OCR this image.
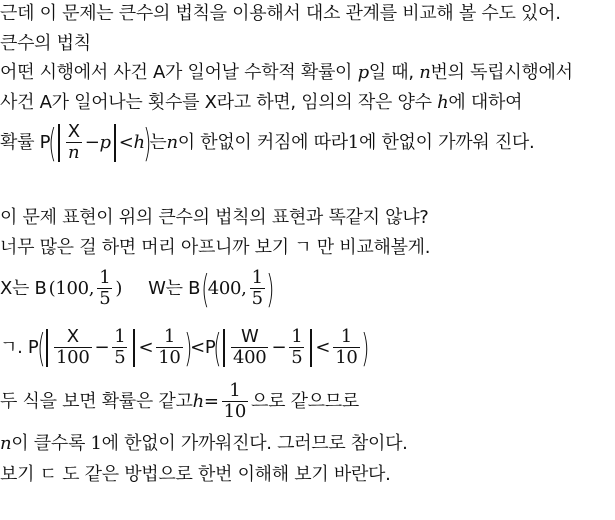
근데 이 문제는 큰수의 법칙을 이용해서 대소 관계를 비교해 볼 수도 있어.
큰수의 법칙
어떤 시행에서 사건 A가 일어날 수학적 확률이 p일 때, n번의 독립시행에서
사건 A가 일어나는 횟수를 X라고 하면, 임의의 작은 양수 h에 대하여
확률 P
( $\frac{X}{n} -p <h$
)
는 n 이 한없이 커짐에 따라 1 에 한없이 가까워 진다.
이 문제 표현이 위의 큰수의 법칙의 표현과 똑같지 않냐?
너무 많은 걸 하면 머리 아프니까 보기 ㄱ 만 비교해볼게.
X는 B ( 100, $\frac{1}{5}$ ) W는 B (
400, $\frac{1}{5}$ )
ㄱ. P
( $\frac{X}{100} - \frac{1}{5} < \frac{1}{10}$ )
<P
( $\frac{W}{400} - \frac{1}{5} < \frac{1}{10}$ )
두 식을 보면 확률은 같고 $h = \frac{1}{10}$ 으로 같으므로
n이 클수록 1에 한없이 가까워진다. 그러므로 참이다.
보기 ㄷ 도 같은 방법으로 한번 이해해 보기 바란다.
